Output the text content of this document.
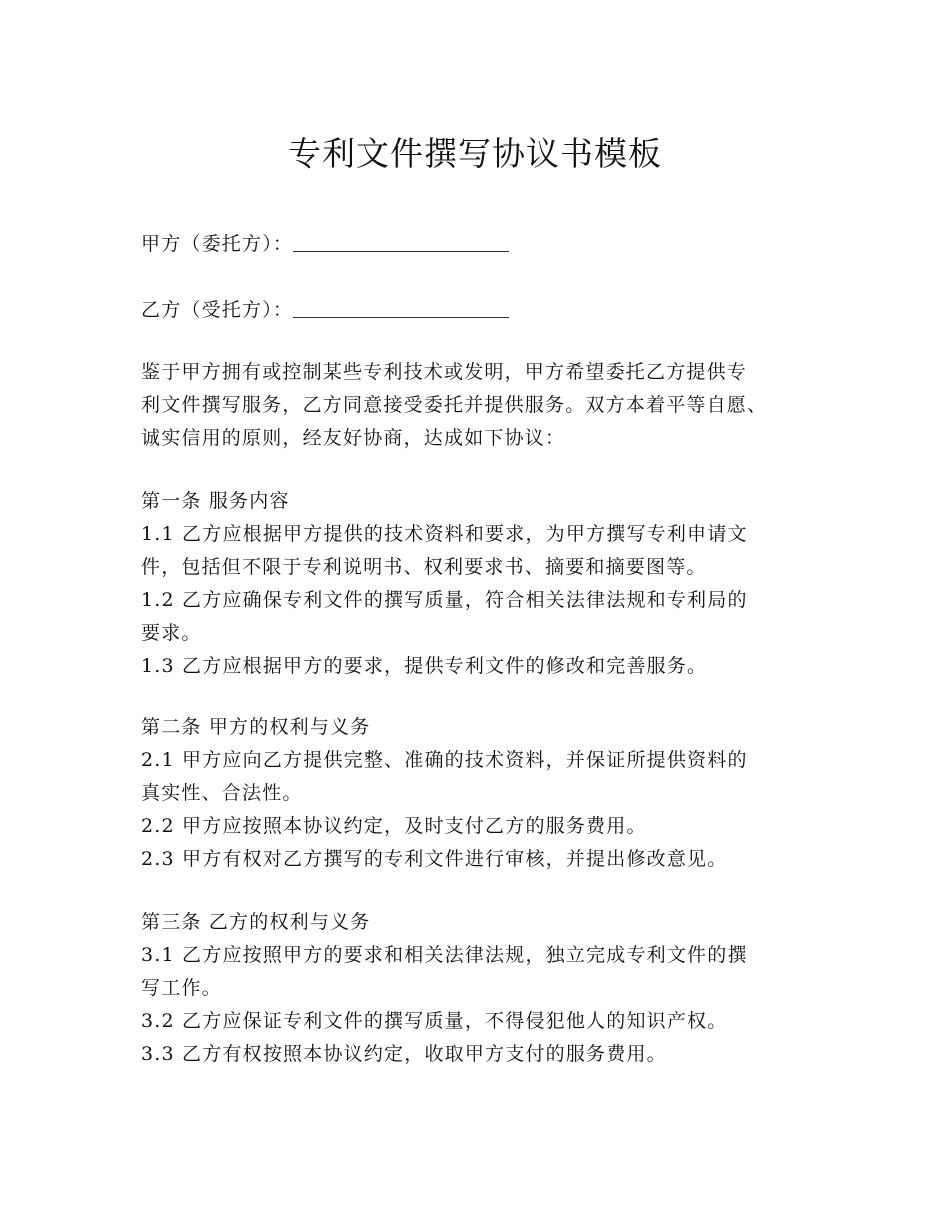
专利文件撰写协议书模板
甲方（委托方）：
乙方（受托方）：
鉴于甲方拥有或控制某些专利技术或发明，甲方希望委托乙方提供专
利文件撰写服务，乙方同意接受委托并提供服务。双方本着平等自愿、
诚实信用的原则，经友好协商，达成如下协议：
第一条 服务内容
1.1 乙方应根据甲方提供的技术资料和要求，为甲方撰写专利申请文
件，包括但不限于专利说明书、权利要求书、摘要和摘要图等。
1.2 乙方应确保专利文件的撰写质量，符合相关法律法规和专利局的
要求。
1.3 乙方应根据甲方的要求，提供专利文件的修改和完善服务。
第二条 甲方的权利与义务
2.1 甲方应向乙方提供完整、准确的技术资料，并保证所提供资料的
真实性、合法性。
2.2 甲方应按照本协议约定，及时支付乙方的服务费用。
2.3 甲方有权对乙方撰写的专利文件进行审核，并提出修改意见。
第三条 乙方的权利与义务
3.1 乙方应按照甲方的要求和相关法律法规，独立完成专利文件的撰
写工作。
3.2 乙方应保证专利文件的撰写质量，不得侵犯他人的知识产权。
3.3 乙方有权按照本协议约定，收取甲方支付的服务费用。
